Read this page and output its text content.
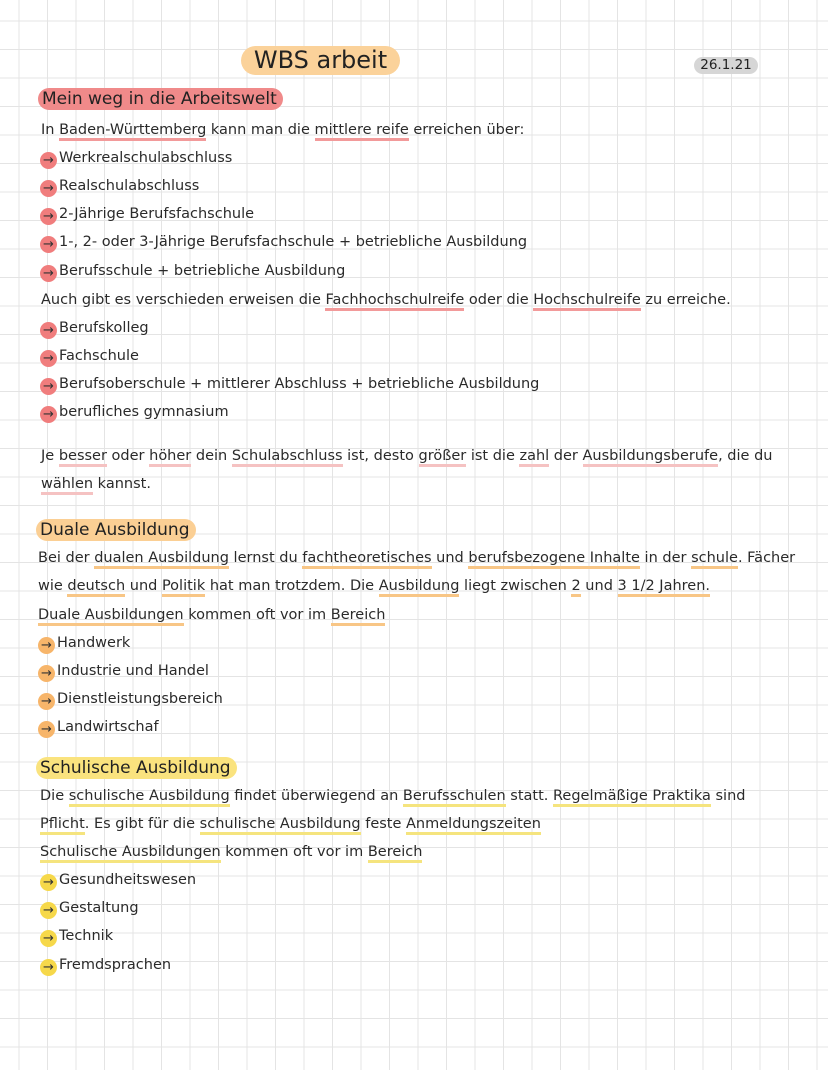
WBS arbeit	26.1.21
Mein weg in die Arbeitswelt
In Baden-Württemberg kann man die mittlere reife erreichen über:
→ Werkrealschulabschluss
→ Realschulabschluss
→ 2-Jährige Berufsfachschule
→ 1-, 2- oder 3-Jährige Berufsfachschule + betriebliche Ausbildung
→ Berufsschule + betriebliche Ausbildung
Auch gibt es verschieden erweisen die Fachhochschulreife oder die Hochschulreife zu erreiche.
→ Berufskolleg
→ Fachschule
→ Berufsoberschule + mittlerer Abschluss + betriebliche Ausbildung
→ berufliches gymnasium
Je besser oder höher dein Schulabschluss ist, desto größer ist die zahl der Ausbildungsberufe, die du
wählen kannst.
Duale Ausbildung
Bei der dualen Ausbildung lernst du fachtheoretisches und berufsbezogene Inhalte in der schule. Fächer
wie deutsch und Politik hat man trotzdem. Die Ausbildung liegt zwischen 2 und 3 1/2 Jahren.
Duale Ausbildungen kommen oft vor im Bereich
→ Handwerk
→ Industrie und Handel
→ Dienstleistungsbereich
→ Landwirtschaf
Schulische Ausbildung
Die schulische Ausbildung findet überwiegend an Berufsschulen statt. Regelmäßige Praktika sind
Pflicht. Es gibt für die schulische Ausbildung feste Anmeldungszeiten
Schulische Ausbildungen kommen oft vor im Bereich
→ Gesundheitswesen
→ Gestaltung
→ Technik
→ Fremdsprachen
